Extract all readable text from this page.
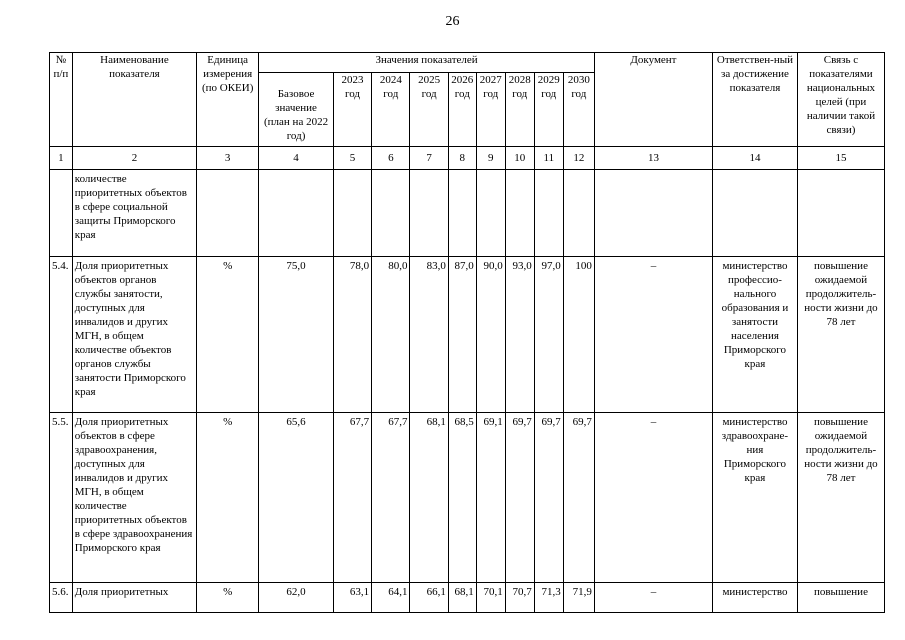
26
№ п/п	Наименование показателя	Единица измерения (по ОКЕИ)	Значения показателей									Документ	Ответствен-ный за достижение показателя	Связь с показателями национальных целей (при наличии такой связи)
			Базовое значение (план на 2022 год)	2023 год	2024 год	2025 год	2026 год	2027 год	2028 год	2029 год	2030 год			
1	2	3	4	5	6	7	8	9	10	11	12	13	14	15
	количестве приоритетных объектов в сфере социальной защиты Приморского края													
5.4.	Доля приоритетных объектов органов службы занятости, доступных для инвалидов и других МГН, в общем количестве объектов органов службы занятости Приморского края	%	75,0	78,0	80,0	83,0	87,0	90,0	93,0	97,0	100	–	министерство профессио-нального образования и занятости населения Приморского края	повышение ожидаемой продолжитель-ности жизни до 78 лет
5.5.	Доля приоритетных объектов в сфере здравоохранения, доступных для инвалидов и других МГН, в общем количестве приоритетных объектов в сфере здравоохранения Приморского края	%	65,6	67,7	67,7	68,1	68,5	69,1	69,7	69,7	69,7	–	министерство здравоохране-ния Приморского края	повышение ожидаемой продолжитель-ности жизни до 78 лет
5.6.	Доля приоритетных	%	62,0	63,1	64,1	66,1	68,1	70,1	70,7	71,3	71,9	–	министерство	повышение
